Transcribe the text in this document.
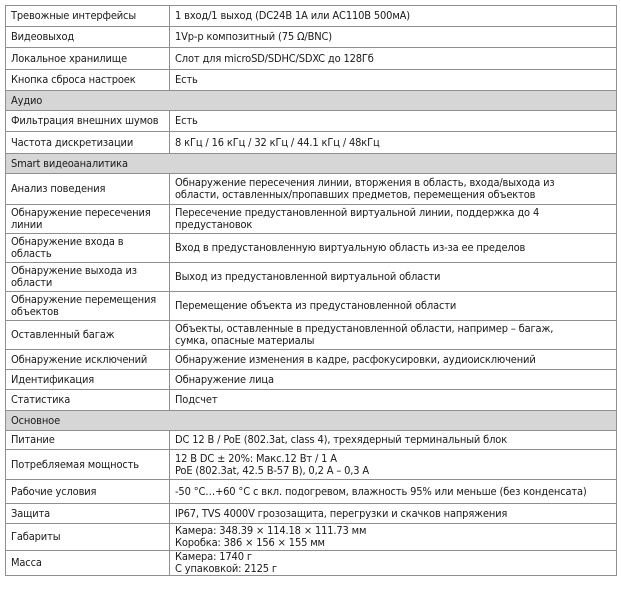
Тревожные интерфейсы	1 вход/1 выход (DC24В 1А или АС110В 500мА)

Видеовыход	1Vp-p композитный (75 Ω/BNC)

Локальное хранилище	Слот для microSD/SDHC/SDXC до 128Гб

Кнопка сброса настроек	Есть

Аудио	

Фильтрация внешних шумов	Есть

Частота дискретизации	8 кГц / 16 кГц / 32 кГц / 44.1 кГц / 48кГц

Smart видеоаналитика	

Анализ поведения	Обнаружение пересечения линии, вторжения в область, входа/выхода из
области, оставленных/пропавших предметов, перемещения объектов

Обнаружение пересечения
линии	Пересечение предустановленной виртуальной линии, поддержка до 4
предустановок

Обнаружение входа в
область	Вход в предустановленную виртуальную область из-за ее пределов

Обнаружение выхода из
области	Выход из предустановленной виртуальной области

Обнаружение перемещения
объектов	Перемещение объекта из предустановленной области

Оставленный багаж	Объекты, оставленные в предустановленной области, например – багаж,
сумка, опасные материалы

Обнаружение исключений	Обнаружение изменения в кадре, расфокусировки, аудиоисключений

Идентификация	Обнаружение лица

Статистика	Подсчет

Основное	

Питание	DC 12 В / PoE (802.3at, class 4), трехядерный терминальный блок

Потребляемая мощность	12 В DC ± 20%: Макс.12 Вт / 1 А
PoE (802.3at, 42.5 В-57 В), 0,2 А – 0,3 А

Рабочие условия	-50 °C…+60 °C с вкл. подогревом, влажность 95% или меньше (без конденсата)

Защита	IP67, TVS 4000V грозозащита, перегрузки и скачков напряжения

Габариты	Камера: 348.39 × 114.18 × 111.73 мм
Коробка: 386 × 156 × 155 мм

Масса	Камера: 1740 г
С упаковкой: 2125 г
